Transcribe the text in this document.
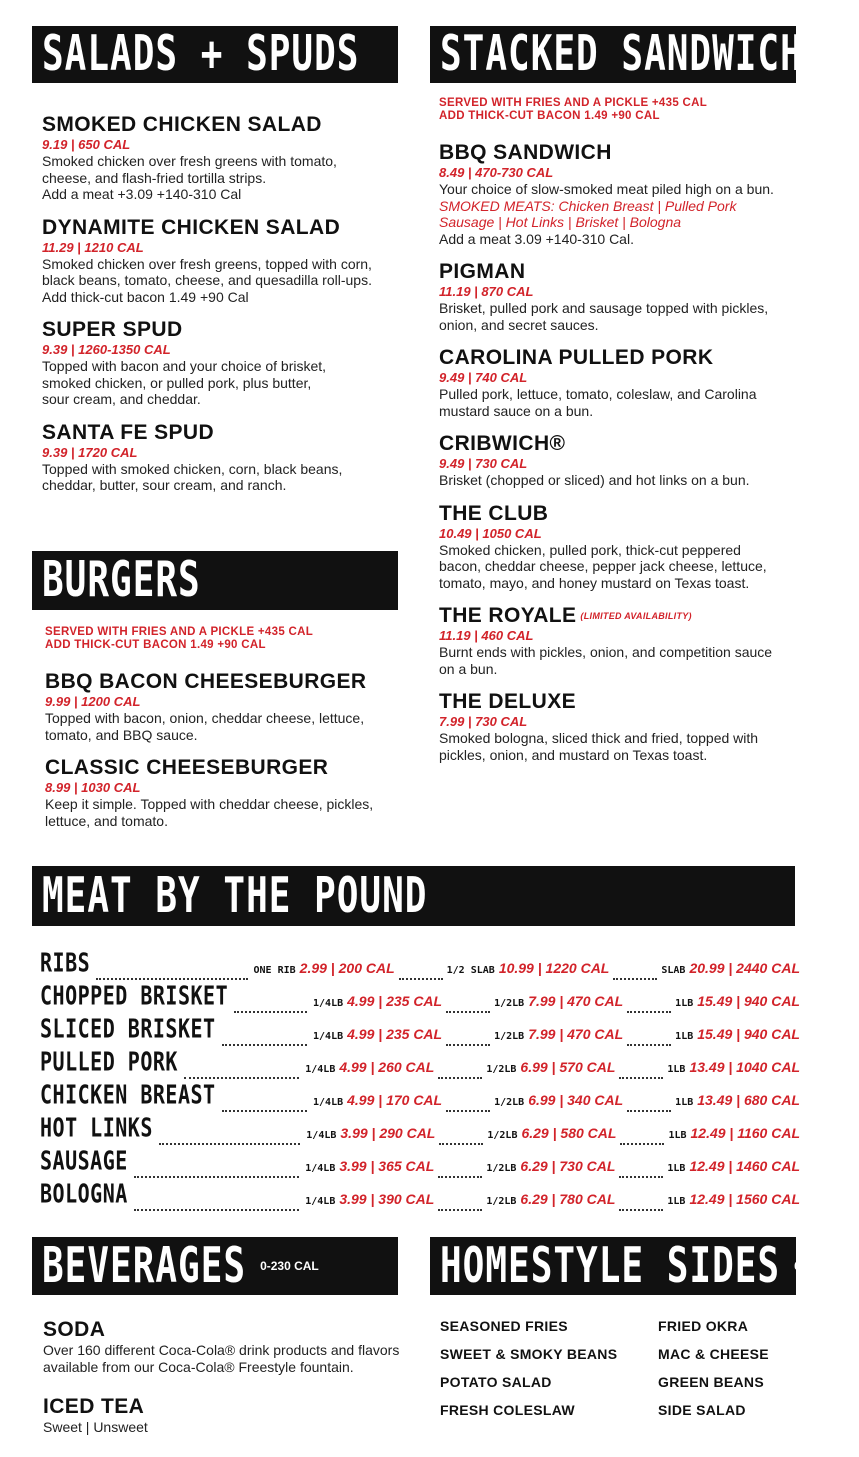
SALADS + SPUDS STACKED SANDWICHES
BURGERS
MEAT BY THE POUND
BEVERAGES 0-230 CAL	HOMESTYLE SIDES 60-560 CAL
SMOKED CHICKEN SALAD
9.19 | 650 CAL
Smoked chicken over fresh greens with tomato,
cheese, and flash-fried tortilla strips.
Add a meat +3.09 +140-310 Cal
DYNAMITE CHICKEN SALAD
11.29 | 1210 CAL
Smoked chicken over fresh greens, topped with corn,
black beans, tomato, cheese, and quesadilla roll-ups.
Add thick-cut bacon 1.49 +90 Cal
SUPER SPUD
9.39 | 1260-1350 CAL
Topped with bacon and your choice of brisket,
smoked chicken, or pulled pork, plus butter,
sour cream, and cheddar.
SANTA FE SPUD
9.39 | 1720 CAL
Topped with smoked chicken, corn, black beans,
cheddar, butter, sour cream, and ranch.
SERVED WITH FRIES AND A PICKLE +435 CAL
ADD THICK-CUT BACON 1.49 +90 CAL
BBQ BACON CHEESEBURGER
9.99 | 1200 CAL
Topped with bacon, onion, cheddar cheese, lettuce,
tomato, and BBQ sauce.
CLASSIC CHEESEBURGER
8.99 | 1030 CAL
Keep it simple. Topped with cheddar cheese, pickles,
lettuce, and tomato.
SERVED WITH FRIES AND A PICKLE +435 CAL
ADD THICK-CUT BACON 1.49 +90 CAL
BBQ SANDWICH
8.49 | 470-730 CAL
Your choice of slow-smoked meat piled high on a bun.
SMOKED MEATS: Chicken Breast | Pulled Pork
Sausage | Hot Links | Brisket | Bologna
Add a meat 3.09 +140-310 Cal.
PIGMAN
11.19 | 870 CAL
Brisket, pulled pork and sausage topped with pickles,
onion, and secret sauces.
CAROLINA PULLED PORK
9.49 | 740 CAL
Pulled pork, lettuce, tomato, coleslaw, and Carolina
mustard sauce on a bun.
CRIBWICH®
9.49 | 730 CAL
Brisket (chopped or sliced) and hot links on a bun.
THE CLUB
10.49 | 1050 CAL
Smoked chicken, pulled pork, thick-cut peppered
bacon, cheddar cheese, pepper jack cheese, lettuce,
tomato, mayo, and honey mustard on Texas toast.
THE ROYALE (LIMITED AVAILABILITY)
11.19 | 460 CAL
Burnt ends with pickles, onion, and competition sauce
on a bun.
THE DELUXE
7.99 | 730 CAL
Smoked bologna, sliced thick and fried, topped with
pickles, onion, and mustard on Texas toast.
RIBS	ONE RIB 2.99 | 200 CAL	1/2 SLAB 10.99 | 1220 CAL	SLAB 20.99 | 2440 CAL
CHOPPED BRISKET	1/4LB 4.99 | 235 CAL	1/2LB 7.99 | 470 CAL	1LB 15.49 | 940 CAL
SLICED BRISKET	1/4LB 4.99 | 235 CAL	1/2LB 7.99 | 470 CAL	1LB 15.49 | 940 CAL
PULLED PORK	1/4LB 4.99 | 260 CAL	1/2LB 6.99 | 570 CAL	1LB 13.49 | 1040 CAL
CHICKEN BREAST	1/4LB 4.99 | 170 CAL	1/2LB 6.99 | 340 CAL	1LB 13.49 | 680 CAL
HOT LINKS	1/4LB 3.99 | 290 CAL	1/2LB 6.29 | 580 CAL	1LB 12.49 | 1160 CAL
SAUSAGE	1/4LB 3.99 | 365 CAL	1/2LB 6.29 | 730 CAL	1LB 12.49 | 1460 CAL
BOLOGNA	1/4LB 3.99 | 390 CAL	1/2LB 6.29 | 780 CAL	1LB 12.49 | 1560 CAL
SODA
Over 160 different Coca-Cola® drink products and flavors
available from our Coca-Cola® Freestyle fountain.
ICED TEA
Sweet | Unsweet
SEASONED FRIES	FRIED OKRA
SWEET & SMOKY BEANS	MAC & CHEESE
POTATO SALAD	GREEN BEANS
FRESH COLESLAW	SIDE SALAD
